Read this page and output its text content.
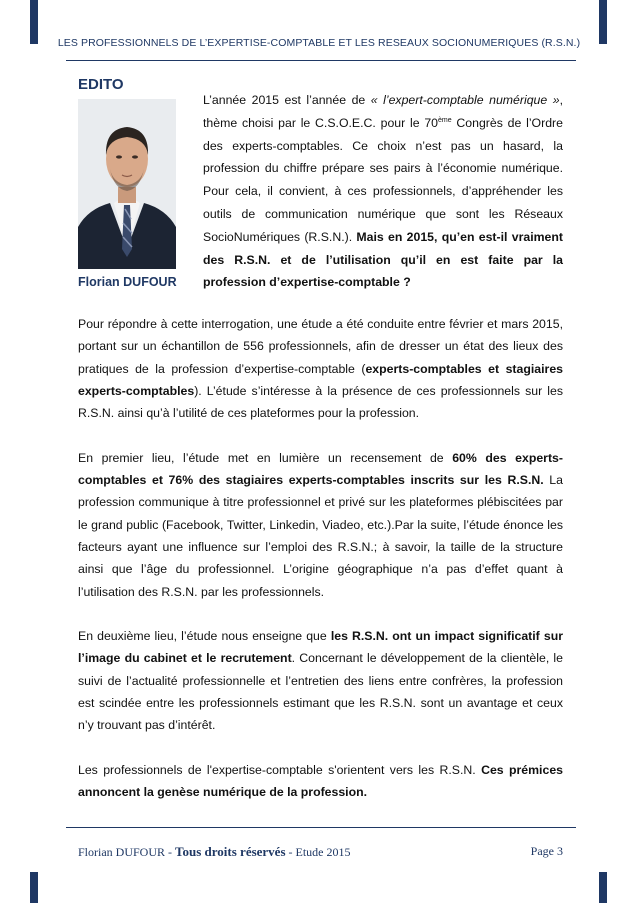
LES PROFESSIONNELS DE L’EXPERTISE-COMPTABLE ET LES RESEAUX SOCIONUMERIQUES (R.S.N.)
EDITO
Florian DUFOUR
L’année 2015 est l’année de « l’expert-comptable numérique », thème choisi par le C.S.O.E.C. pour le 70ème Congrès de l’Ordre des experts-comptables. Ce choix n’est pas un hasard, la profession du chiffre prépare ses pairs à l’économie numérique. Pour cela, il convient, à ces professionnels, d’appréhender les outils de communication numérique que sont les Réseaux SocioNumériques (R.S.N.). Mais en 2015, qu’en est-il vraiment des R.S.N. et de l’utilisation qu’il en est faite par la profession d’expertise-comptable ?

Pour répondre à cette interrogation, une étude a été conduite entre février et mars 2015, portant sur un échantillon de 556 professionnels, afin de dresser un état des lieux des pratiques de la profession d’expertise-comptable (experts-comptables et stagiaires experts-comptables). L’étude s’intéresse à la présence de ces professionnels sur les R.S.N. ainsi qu’à l’utilité de ces plateformes pour la profession.

En premier lieu, l’étude met en lumière un recensement de 60% des experts-comptables et 76% des stagiaires experts-comptables inscrits sur les R.S.N. La profession communique à titre professionnel et privé sur les plateformes plébiscitées par le grand public (Facebook, Twitter, Linkedin, Viadeo, etc.).Par la suite, l’étude énonce les facteurs ayant une influence sur l’emploi des R.S.N.; à savoir, la taille de la structure ainsi que l’âge du professionnel. L’origine géographique n’a pas d’effet quant à l’utilisation des R.S.N. par les professionnels.

En deuxième lieu, l’étude nous enseigne que les R.S.N. ont un impact significatif sur l’image du cabinet et le recrutement. Concernant le développement de la clientèle, le suivi de l’actualité professionnelle et l’entretien des liens entre confrères, la profession est scindée entre les professionnels estimant que les R.S.N. sont un avantage et ceux n’y trouvant pas d’intérêt.

Les professionnels de l'expertise-comptable s'orientent vers les R.S.N. Ces prémices annoncent la genèse numérique de la profession.

Florian DUFOUR - Tous droits réservés - Etude 2015	Page 3
